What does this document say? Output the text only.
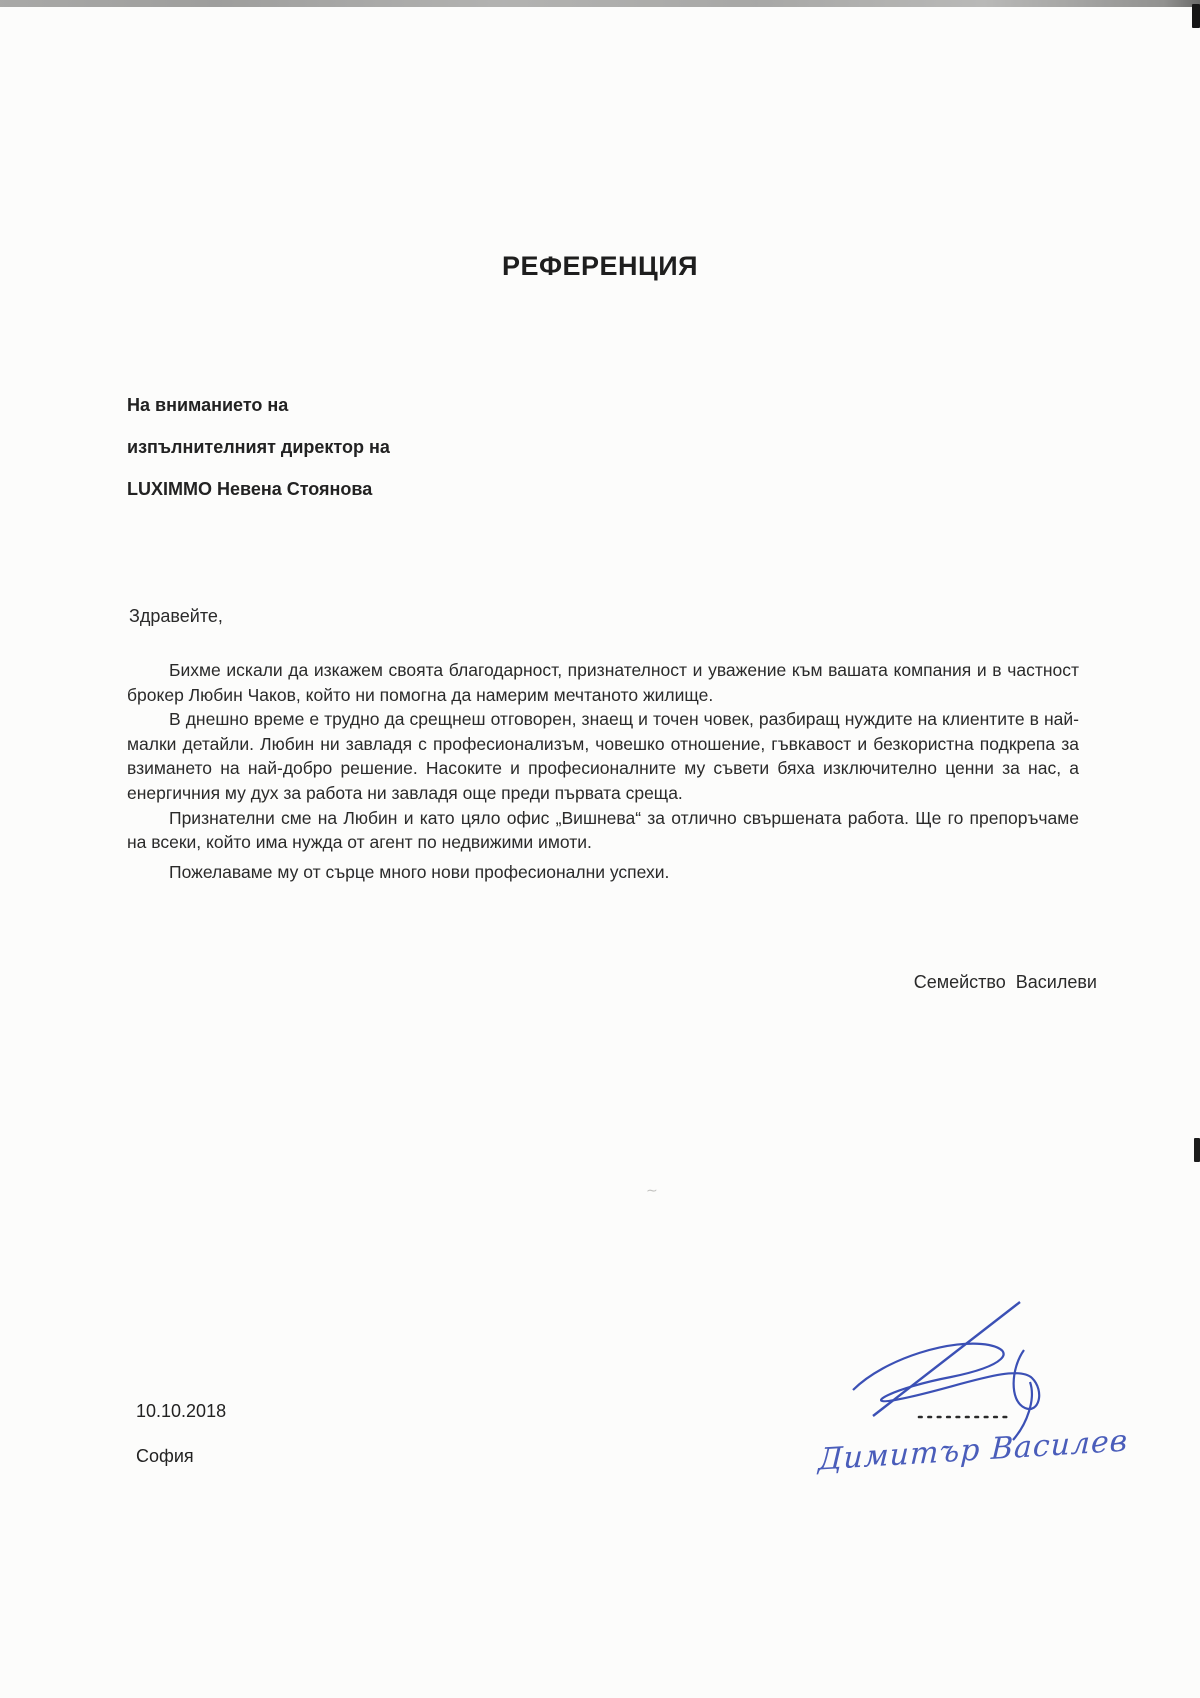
∼
РЕФЕРЕНЦИЯ
На вниманието на
изпълнителният директор на
LUXIMMO Невена Стоянова
Здравейте,

Бихме искали да изкажем своята благодарност, признателност и уважение към вашата компания и в частност брокер Любин Чаков, който ни помогна да намерим мечтаното жилище.

В днешно време е трудно да срещнеш отговорен, знаещ и точен човек, разбиращ нуждите на клиентите в най-малки детайли. Любин ни завладя с професионализъм, човешко отношение, гъвкавост и безкористна подкрепа за взимането на най-добро решение. Насоките и професионалните му съвети бяха изключително ценни за нас, а енергичния му дух за работа ни завладя още преди първата среща.

Признателни сме на Любин и като цяло офис „Вишнева“ за отлично свършената работа. Ще го препоръчаме на всеки, който има нужда от агент по недвижими имоти.

Пожелаваме му от сърце много нови професионални успехи.

Семейство  Василеви
10.10.2018
София	Димитър Василев
